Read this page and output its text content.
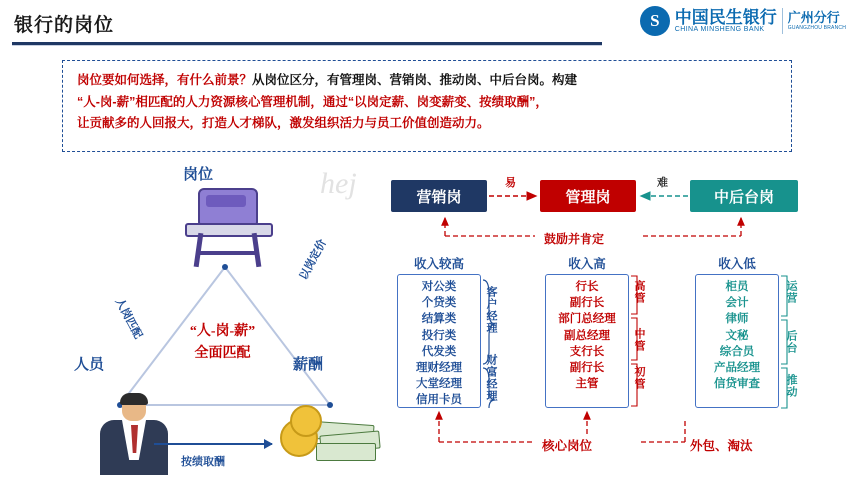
银行的岗位	S 中国民生银行
CHINA MINSHENG BANK
广州分行
GUANGZHOU BRANCH
岗位要如何选择，有什么前景？从岗位区分，有管理岗、营销岗、推动岗、中后台岗。构建
“人-岗-薪”相匹配的人力资源核心管理机制，通过“以岗定薪、岗变薪变、按绩取酬”，
让贡献多的人回报大，打造人才梯队，激发组织活力与员工价值创造动力。
hej
岗位
人员	薪酬
人岗匹配
以岗定价
“人-岗-薪”
全面匹配
按绩取酬
营销岗	管理岗	中后台岗
易	难
鼓励并肯定
收入较高
对公类
个贷类
结算类
投行类
代发类
理财经理
大堂经理
信用卡员
客户经理
财富经理
收入高
行长
副行长
部门总经理
副总经理
支行长
副行长
主管
高管
中管
初管
收入低
柜员
会计
律师
文秘
综合员
产品经理
信贷审查
运营
后台
推动
核心岗位	外包、淘汰
